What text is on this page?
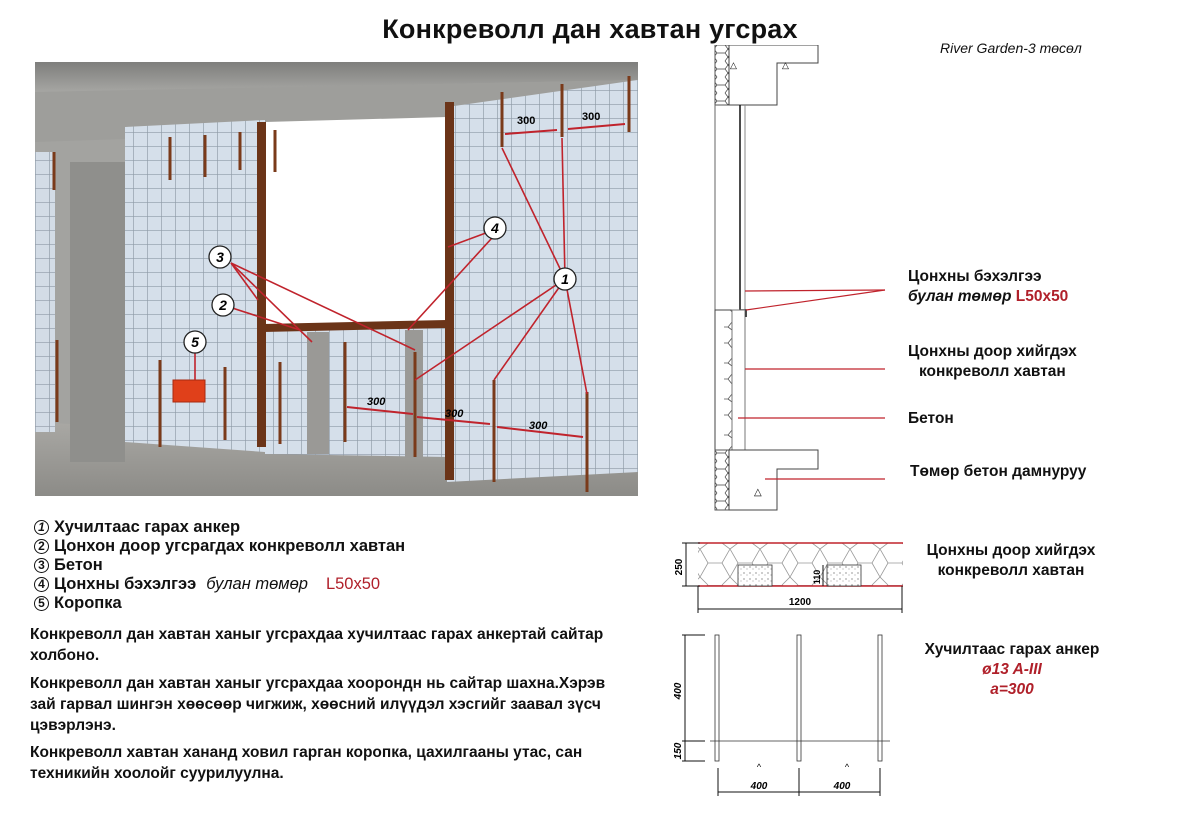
Конкреволл дан хавтан угсрах
River Garden-3 төсөл
300	300
300
300
300
1
2
3
4
5
1 Хучилтаас гарах анкер
2 Цонхон доор угсрагдах конкреволл хавтан
3 Бетон
4 Цонхны бэхэлгээ булан төмөр L50x50
5 Коропка
Конкреволл дан хавтан ханыг угсрахдаа хучилтаас гарах анкертай сайтар
холбоно.
Конкреволл дан хавтан ханыг угсрахдаа хоорондн нь сайтар шахна.Хэрэв
зай гарвал шингэн хөөсөөр чигжиж, хөөсний илүүдэл хэсгийг заавал зүсч
цэвэрлэнэ.
Конкреволл хавтан хананд ховил гарган коропка, цахилгааны утас, сан
техникийн хоолойг суурилуулна.
△	△
△
Цонхны бэхэлгээ
булан төмөр L50x50
Цонхны доор хийгдэх
конкреволл хавтан
Бетон
Төмөр бетон дамнуруу
250
1200
110
Цонхны доор хийгдэх
конкреволл хавтан
^	^
400
150
400	400
Хучилтаас гарах анкер
ø13 A-III
a=300
